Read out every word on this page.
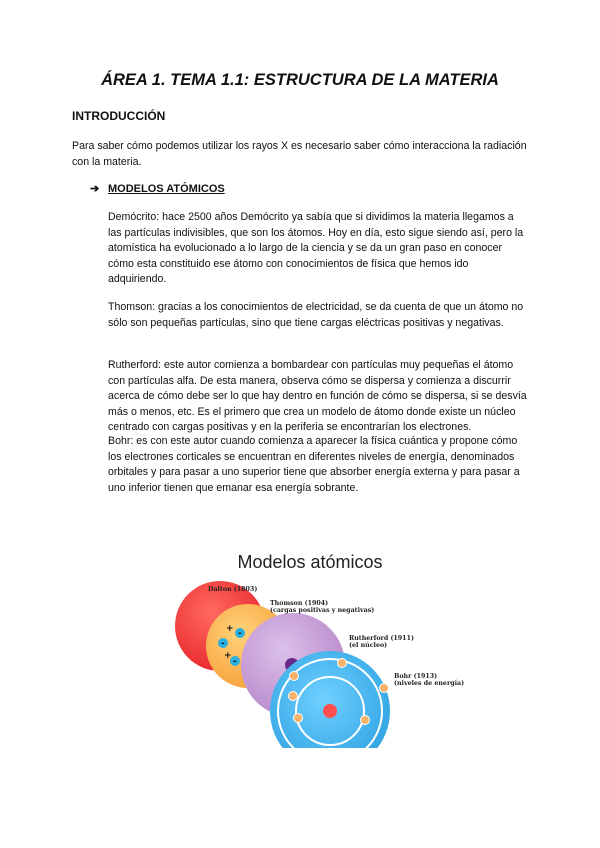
ÁREA 1. TEMA 1.1: ESTRUCTURA DE LA MATERIA
INTRODUCCIÓN

Para saber cómo podemos utilizar los rayos X es necesario saber cómo interacciona la radiación con la materia.

➔ MODELOS ATÓMICOS

Demócrito: hace 2500 años Demócrito ya sabía que si dividimos la materia llegamos a las partículas indivisibles, que son los átomos. Hoy en día, esto sigue siendo así, pero la atomística ha evolucionado a lo largo de la ciencia y se da un gran paso en conocer cómo esta constituido ese átomo con conocimientos de física que hemos ido adquiriendo.

Thomson: gracias a los conocimientos de electricidad, se da cuenta de que un átomo no sólo son pequeñas partículas, sino que tiene cargas eléctricas positivas y negativas.

Rutherford: este autor comienza a bombardear con partículas muy pequeñas el átomo con partículas alfa. De esta manera, observa cómo se dispersa y comienza a discurrir acerca de cómo debe ser lo que hay dentro en función de cómo se dispersa, si se desvía más o menos, etc. Es el primero que crea un modelo de átomo donde existe un núcleo centrado con cargas positivas y en la periferia se encontrarían los electrones.

Bohr: es con este autor cuando comienza a aparecer la física cuántica y propone cómo los electrones corticales se encuentran en diferentes niveles de energía, denominados orbitales y para pasar a uno superior tiene que absorber energía externa y para pasar a uno inferior tienen que emanar esa energía sobrante.

-
-
-
+
+
Modelos atómicos
Dalton (1803)
Thomson (1904)
(cargas positivas y negativas)
Rutherford (1911)
(el núcleo)
Bohr (1913)
(niveles de energía)
